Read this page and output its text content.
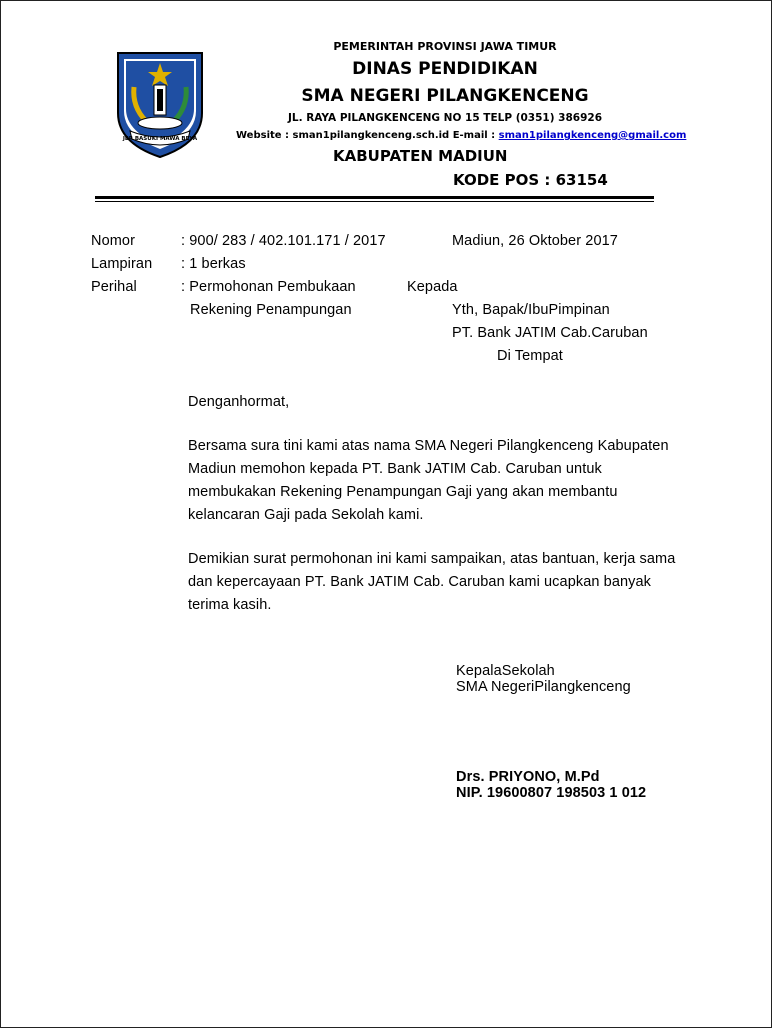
JER BASUKI MAWA BEYA
PEMERINTAH PROVINSI JAWA TIMUR
DINAS PENDIDIKAN
SMA NEGERI PILANGKENCENG
JL. RAYA PILANGKENCENG NO 15 TELP (0351) 386926
Website : sman1pilangkenceng.sch.id E-mail : sman1pilangkenceng@gmail.com
KABUPATEN MADIUN
KODE POS : 63154
Nomor	: 900/ 283 / 402.101.171 / 2017	Madiun, 26 Oktober 2017
Lampiran : 1 berkas
Perihal	: Permohonan Pembukaan	Kepada
Rekening Penampungan	Yth, Bapak/IbuPimpinan
PT. Bank JATIM Cab.Caruban
Di Tempat
Denganhormat,
Bersama sura tini kami atas nama SMA Negeri Pilangkenceng Kabupaten
Madiun memohon kepada PT. Bank JATIM Cab. Caruban untuk
membukakan Rekening Penampungan Gaji yang akan membantu
kelancaran Gaji pada Sekolah kami.
Demikian surat permohonan ini kami sampaikan, atas bantuan, kerja sama
dan kepercayaan PT. Bank JATIM Cab. Caruban kami ucapkan banyak
terima kasih.
KepalaSekolah
SMA NegeriPilangkenceng
Drs. PRIYONO, M.Pd
NIP. 19600807 198503 1 012
